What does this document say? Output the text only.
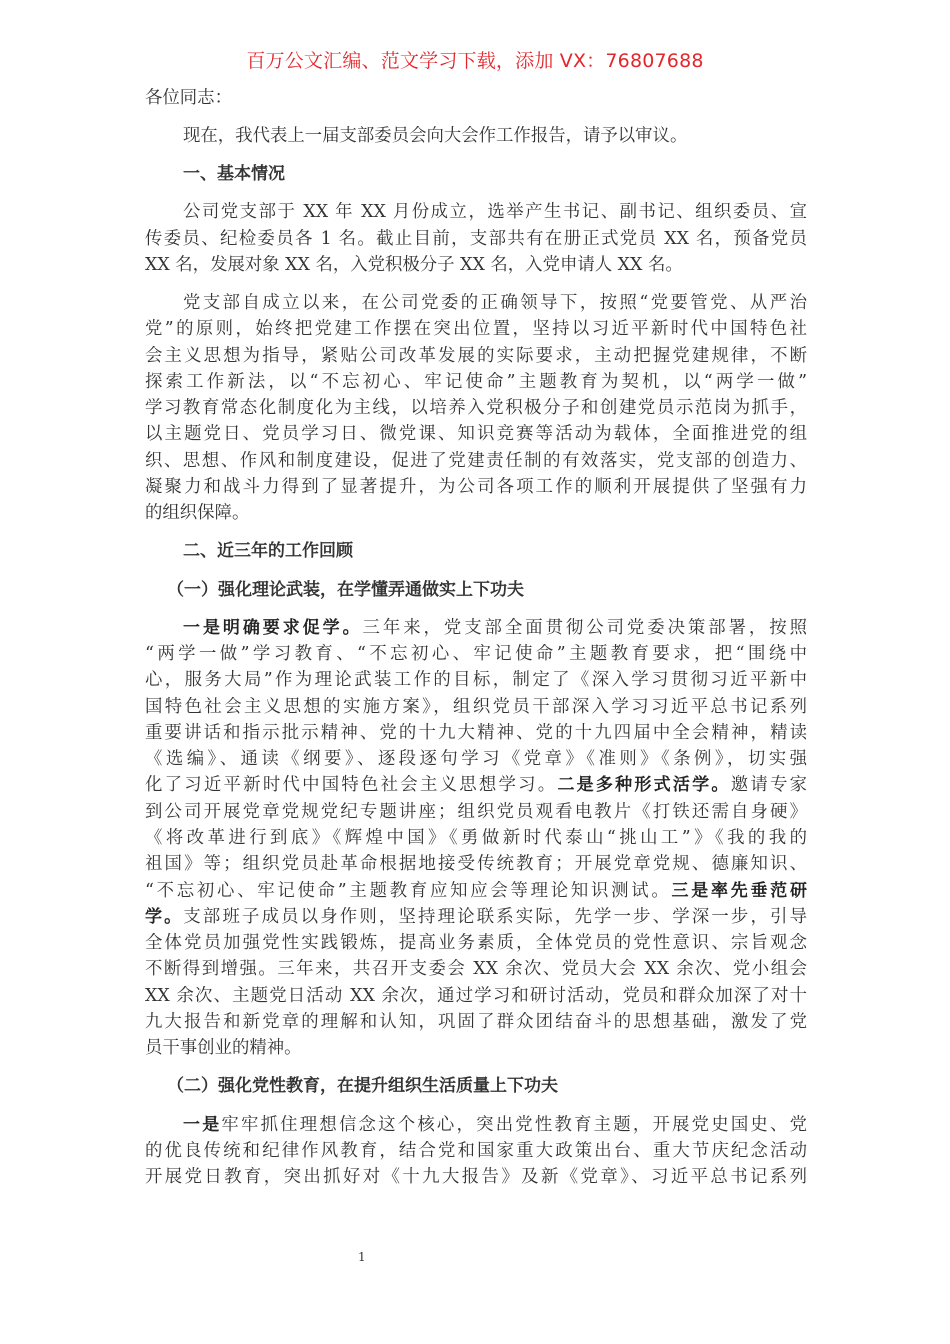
百万公文汇编、范文学习下载，添加 VX：76807688
各位同志：
现在，我代表上一届支部委员会向大会作工作报告，请予以审议。
一、基本情况
公司党支部于 XX 年 XX 月份成立，选举产生书记、副书记、组织委员、宣
传委员、纪检委员各 1 名。截止目前，支部共有在册正式党员 XX 名，预备党员
XX 名，发展对象 XX 名，入党积极分子 XX 名，入党申请人 XX 名。
党支部自成立以来，在公司党委的正确领导下，按照“党要管党、从严治
党”的原则，始终把党建工作摆在突出位置，坚持以习近平新时代中国特色社
会主义思想为指导，紧贴公司改革发展的实际要求，主动把握党建规律，不断
探索工作新法，以“不忘初心、牢记使命”主题教育为契机，以“两学一做”
学习教育常态化制度化为主线，以培养入党积极分子和创建党员示范岗为抓手，
以主题党日、党员学习日、微党课、知识竞赛等活动为载体，全面推进党的组
织、思想、作风和制度建设，促进了党建责任制的有效落实，党支部的创造力、
凝聚力和战斗力得到了显著提升，为公司各项工作的顺利开展提供了坚强有力
的组织保障。
二、近三年的工作回顾
（一）强化理论武装，在学懂弄通做实上下功夫
一是明确要求促学。三年来，党支部全面贯彻公司党委决策部署，按照
“两学一做”学习教育、“不忘初心、牢记使命”主题教育要求，把“围绕中
心，服务大局”作为理论武装工作的目标，制定了《深入学习贯彻习近平新中
国特色社会主义思想的实施方案》，组织党员干部深入学习习近平总书记系列
重要讲话和指示批示精神、党的十九大精神、党的十九四届中全会精神，精读
《选编》、通读《纲要》、逐段逐句学习《党章》《准则》《条例》，切实强
化了习近平新时代中国特色社会主义思想学习。二是多种形式活学。邀请专家
到公司开展党章党规党纪专题讲座；组织党员观看电教片《打铁还需自身硬》
《将改革进行到底》《辉煌中国》《勇做新时代泰山“挑山工”》《我的我的
祖国》等；组织党员赴革命根据地接受传统教育；开展党章党规、德廉知识、
“不忘初心、牢记使命”主题教育应知应会等理论知识测试。三是率先垂范研
学。支部班子成员以身作则，坚持理论联系实际，先学一步、学深一步，引导
全体党员加强党性实践锻炼，提高业务素质，全体党员的党性意识、宗旨观念
不断得到增强。三年来，共召开支委会 XX 余次、党员大会 XX 余次、党小组会
XX 余次、主题党日活动 XX 余次，通过学习和研讨活动，党员和群众加深了对十
九大报告和新党章的理解和认知，巩固了群众团结奋斗的思想基础，激发了党
员干事创业的精神。
（二）强化党性教育，在提升组织生活质量上下功夫
一是牢牢抓住理想信念这个核心，突出党性教育主题，开展党史国史、党
的优良传统和纪律作风教育，结合党和国家重大政策出台、重大节庆纪念活动
开展党日教育，突出抓好对《十九大报告》及新《党章》、习近平总书记系列
1
